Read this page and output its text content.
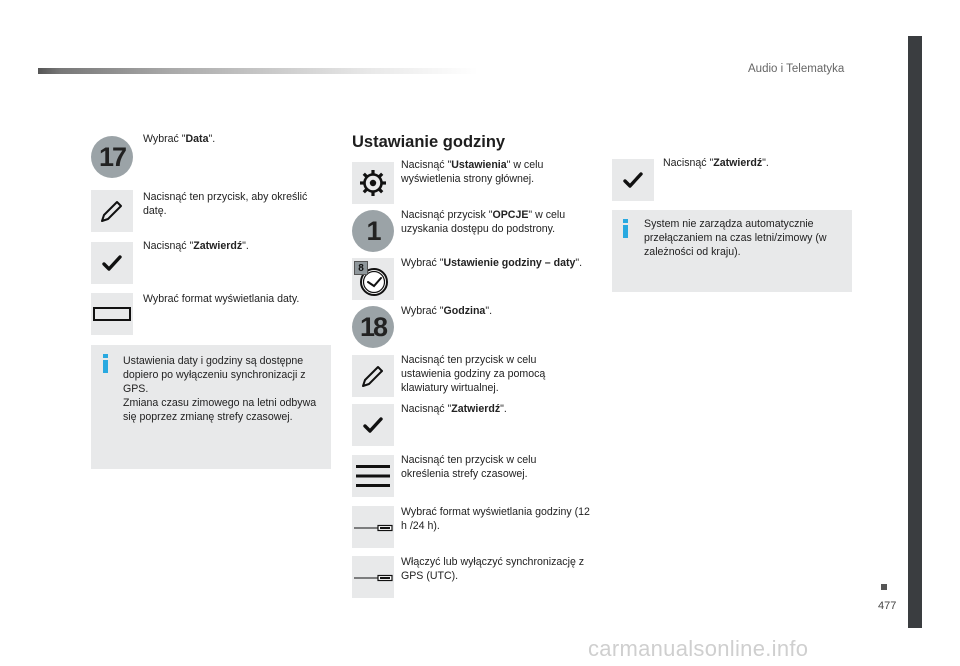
Audio i Telematyka
477
carmanualsonline.info
17
Wybrać "Data".
Nacisnąć ten przycisk, aby określić datę.
Nacisnąć "Zatwierdź".
Wybrać format wyświetlania daty.
Ustawienia daty i godziny są dostępne dopiero po wyłączeniu synchronizacji z GPS.
Zmiana czasu zimowego na letni odbywa się poprzez zmianę strefy czasowej.
Ustawianie godziny
Nacisnąć "Ustawienia" w celu wyświetlenia strony głównej.
1
Nacisnąć przycisk "OPCJE" w celu uzyskania dostępu do podstrony.
8	Wybrać "Ustawienie godziny – daty".
18
Wybrać "Godzina".
Nacisnąć ten przycisk w celu ustawienia godziny za pomocą klawiatury wirtualnej.
Nacisnąć "Zatwierdź".
Nacisnąć ten przycisk w celu określenia strefy czasowej.
Wybrać format wyświetlania godziny (12 h /24 h).
Włączyć lub wyłączyć synchronizację z GPS (UTC).
Nacisnąć "Zatwierdź".
System nie zarządza automatycznie przełączaniem na czas letni/zimowy (w zależności od kraju).
